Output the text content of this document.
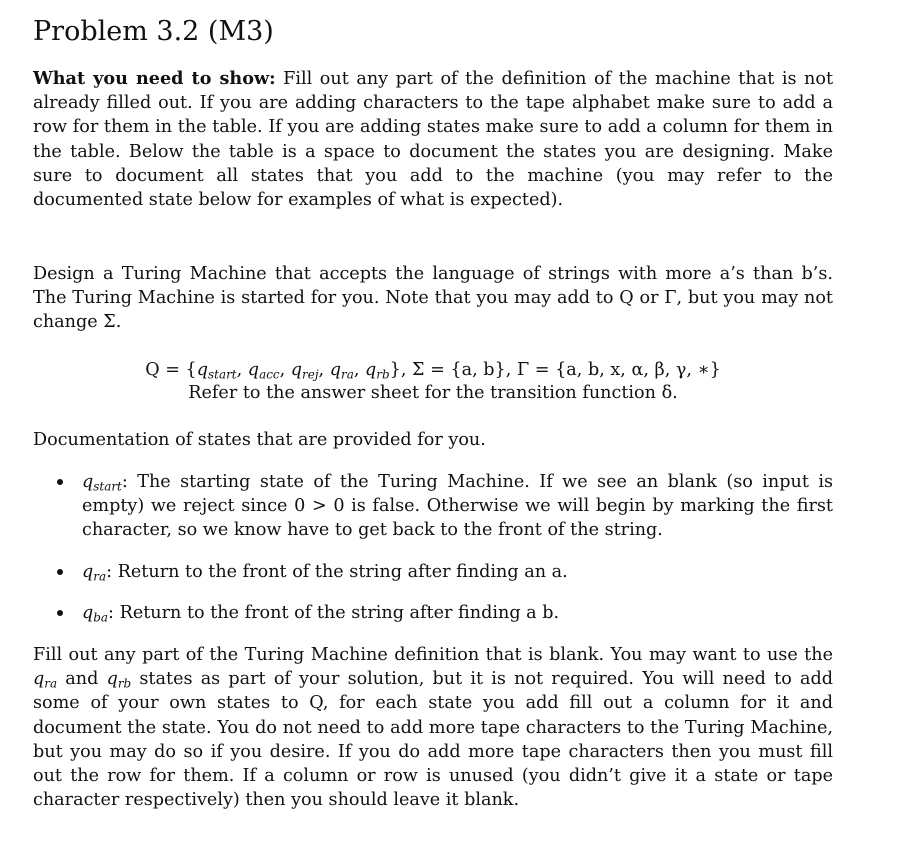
Problem 3.2 (M3)
What you need to show: Fill out any part of the definition of the machine that is not already filled out. If you are adding characters to the tape alphabet make sure to add a row for them in the table. If you are adding states make sure to add a column for them in the table. Below the table is a space to document the states you are designing. Make sure to document all states that you add to the machine (you may refer to the documented state below for examples of what is expected).
Design a Turing Machine that accepts the language of strings with more a’s than b’s. The Turing Machine is started for you. Note that you may add to Q or Γ, but you may not change Σ.
$Q = \{q_{start}$, $q_{acc}$, $q_{rej}$, $q_{ra}$, $q_{rb}$}, Σ = {a, b}, Γ = {a, b, x, α, β, γ, ∗}
Refer to the answer sheet for the transition function δ.
Documentation of states that are provided for you.
$q_{start}$: The starting state of the Turing Machine. If we see an blank (so input is empty) we reject since 0 > 0 is false. Otherwise we will begin by marking the first character, so we know have to get back to the front of the string.
$q_{ra}$: Return to the front of the string after finding an a.
$q_{ba}$: Return to the front of the string after finding a b.
Fill out any part of the Turing Machine definition that is blank. You may want to use the $q_{ra}$ and $q_{rb}$ states as part of your solution, but it is not required. You will need to add some of your own states to Q, for each state you add fill out a column for it and document the state. You do not need to add more tape characters to the Turing Machine, but you may do so if you desire. If you do add more tape characters then you must fill out the row for them. If a column or row is unused (you didn’t give it a state or tape character respectively) then you should leave it blank.
